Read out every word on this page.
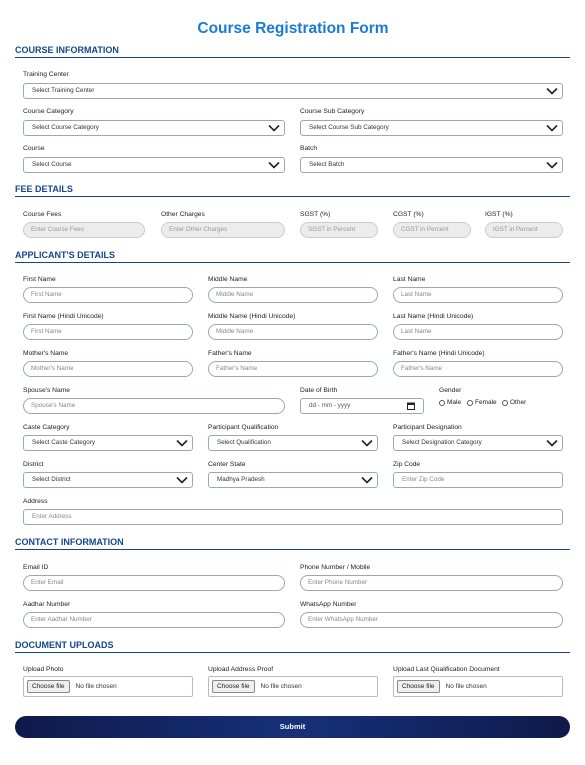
Course Registration Form
COURSE INFORMATION
Training Center
Select Training Center
Course Category
Select Course Category
Course Sub Category
Select Course Sub Category
Course
Select Course
Batch
Select Batch
FEE DETAILS
Course Fees
Enter Course Fees
Other Charges
Enter Other Charges
SGST (%)
SGST in Percent
CGST (%)
CGST in Percent
IGST (%)
IGST in Percent
APPLICANT'S DETAILS
First Name
First Name
Middle Name
Middle Name
Last Name
Last Name
First Name (Hindi Unicode)
First Name
Middle Name (Hindi Unicode)
Middle Name
Last Name (Hindi Unicode)
Last Name
Mother's Name
Mother's Name
Father's Name
Father's Name
Father's Name (Hindi Unicode)
Father's Name
Spouse's Name
Spouse's Name
Date of Birth
dd - mm - yyyy
Gender
Male Female Other
Caste Category
Select Caste Category
Participant Qualification
Select Qualification
Participant Designation
Select Designation Category
District
Select District
Center State
Madhya Pradesh
Zip Code
Enter Zip Code
Address
Enter Address
CONTACT INFORMATION
Email ID
Enter Email
Phone Number / Mobile
Enter Phone Number
Aadhar Number
Enter Aadhar Number
WhatsApp Number
Enter WhatsApp Number
DOCUMENT UPLOADS
Upload Photo
Choose file	No file chosen
Upload Address Proof
Choose file	No file chosen
Upload Last Qualification Document
Choose file	No file chosen
Submit
